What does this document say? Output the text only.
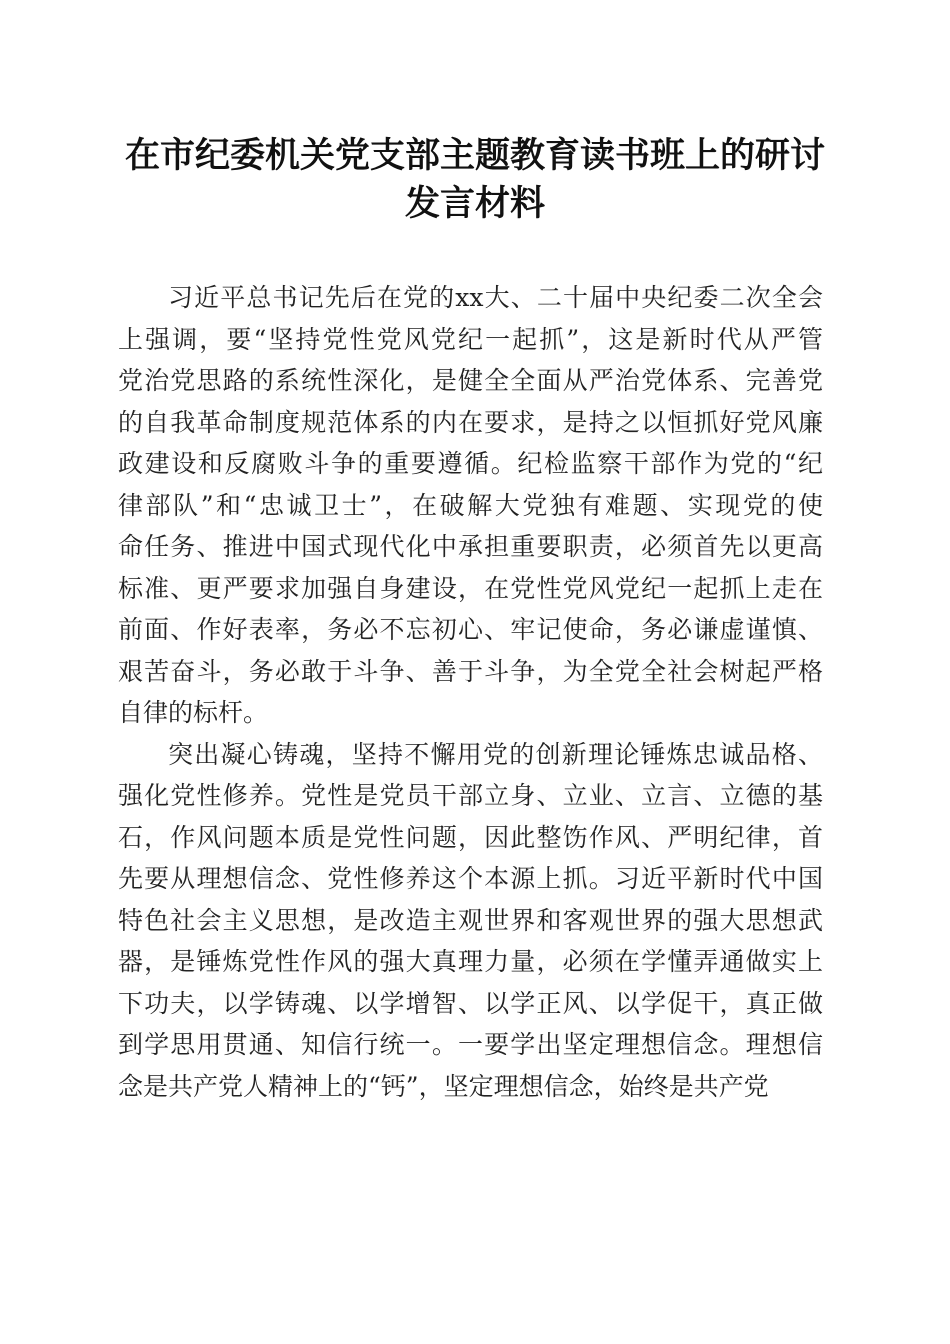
在市纪委机关党支部主题教育读书班上的研讨
发言材料
习近平总书记先后在党的xx大、二十届中央纪委二次全会
上强调，要“坚持党性党风党纪一起抓”，这是新时代从严管
党治党思路的系统性深化，是健全全面从严治党体系、完善党
的自我革命制度规范体系的内在要求，是持之以恒抓好党风廉
政建设和反腐败斗争的重要遵循。纪检监察干部作为党的“纪
律部队”和“忠诚卫士”，在破解大党独有难题、实现党的使
命任务、推进中国式现代化中承担重要职责，必须首先以更高
标准、更严要求加强自身建设，在党性党风党纪一起抓上走在
前面、作好表率，务必不忘初心、牢记使命，务必谦虚谨慎、
艰苦奋斗，务必敢于斗争、善于斗争，为全党全社会树起严格
自律的标杆。
突出凝心铸魂，坚持不懈用党的创新理论锤炼忠诚品格、
强化党性修养。党性是党员干部立身、立业、立言、立德的基
石，作风问题本质是党性问题，因此整饬作风、严明纪律，首
先要从理想信念、党性修养这个本源上抓。习近平新时代中国
特色社会主义思想，是改造主观世界和客观世界的强大思想武
器，是锤炼党性作风的强大真理力量，必须在学懂弄通做实上
下功夫，以学铸魂、以学增智、以学正风、以学促干，真正做
到学思用贯通、知信行统一。一要学出坚定理想信念。理想信
念是共产党人精神上的“钙”，坚定理想信念，始终是共产党
